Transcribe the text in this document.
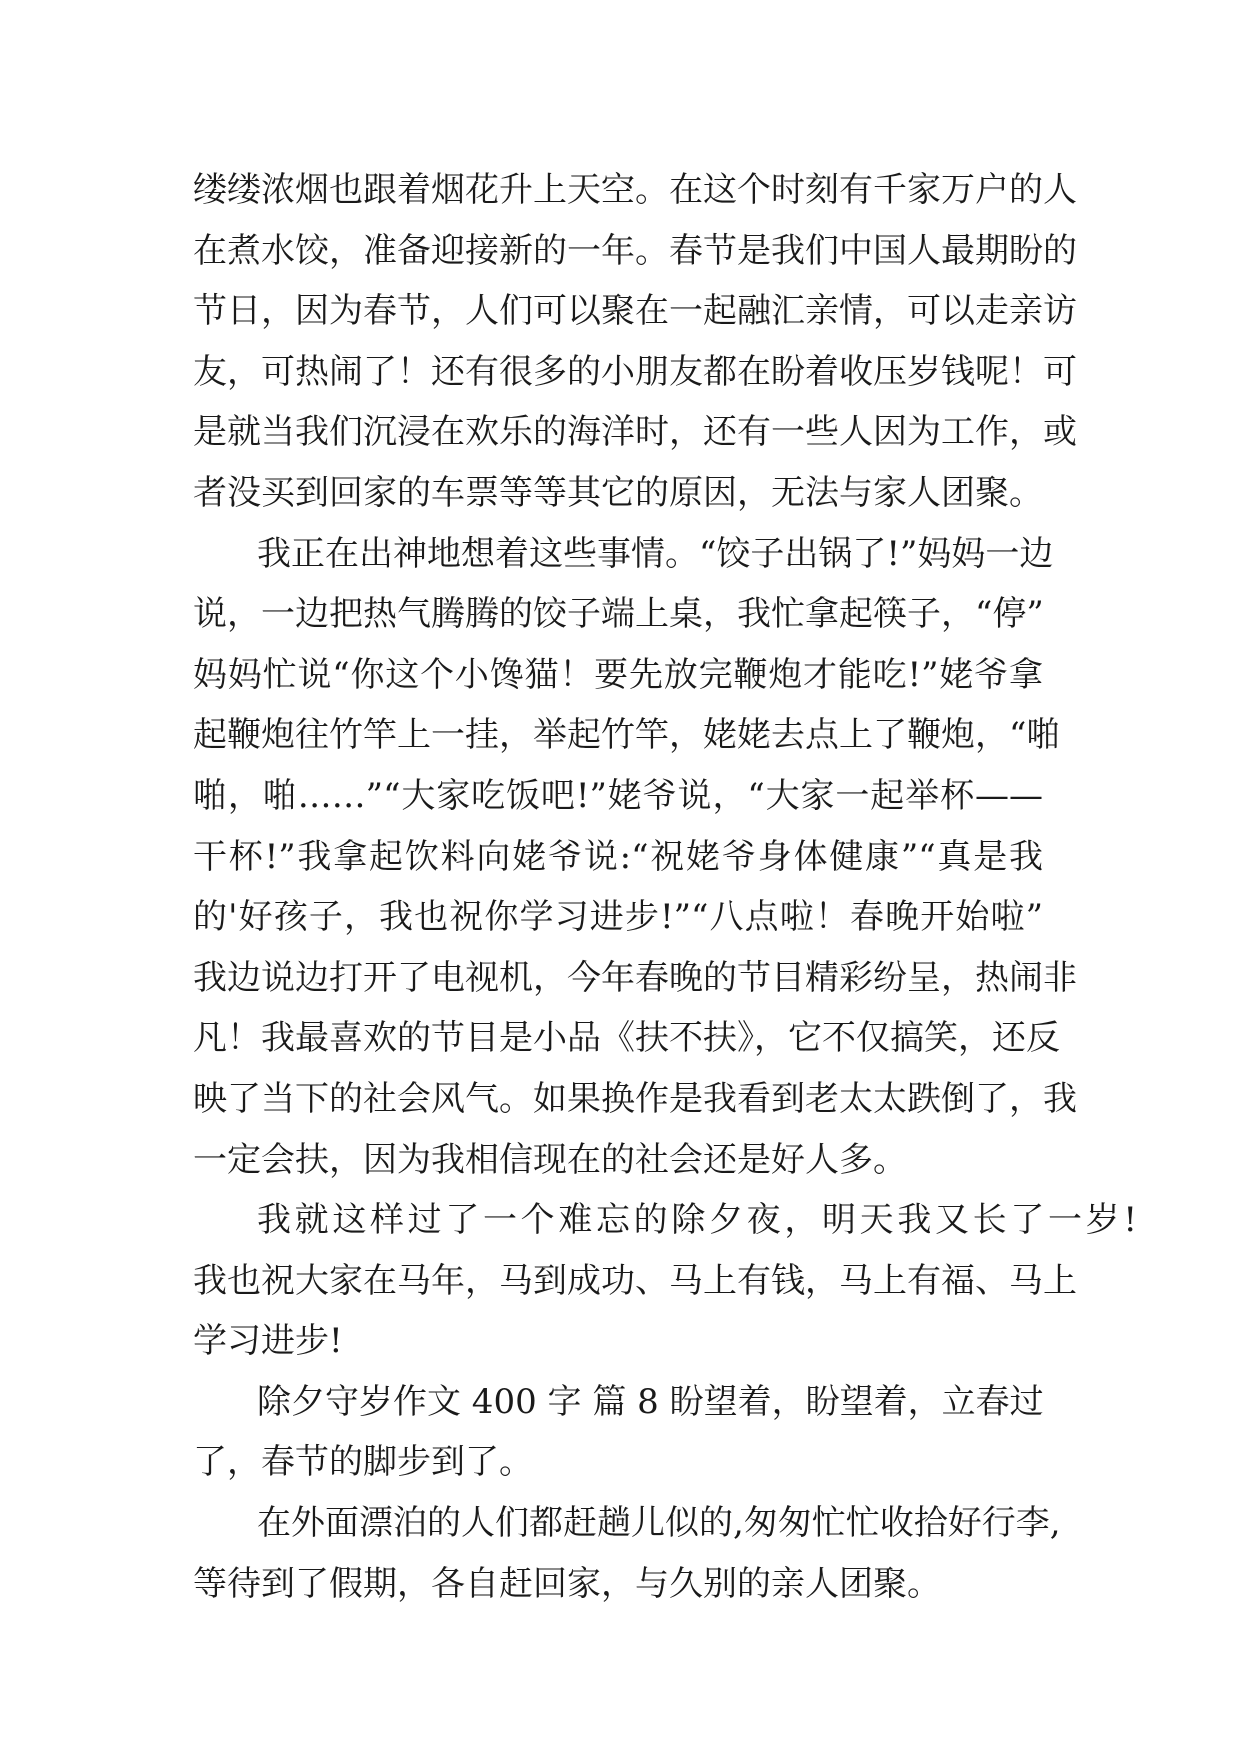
缕缕浓烟也跟着烟花升上天空。在这个时刻有千家万户的人
在煮水饺，准备迎接新的一年。春节是我们中国人最期盼的
节日，因为春节，人们可以聚在一起融汇亲情，可以走亲访
友，可热闹了！还有很多的小朋友都在盼着收压岁钱呢！可
是就当我们沉浸在欢乐的海洋时，还有一些人因为工作，或
者没买到回家的车票等等其它的原因，无法与家人团聚。
我正在出神地想着这些事情。“饺子出锅了!”妈妈一边
说，一边把热气腾腾的饺子端上桌，我忙拿起筷子，“停”
妈妈忙说“你这个小馋猫！要先放完鞭炮才能吃!”姥爷拿
起鞭炮往竹竿上一挂，举起竹竿，姥姥去点上了鞭炮，“啪
啪，啪……”“大家吃饭吧!”姥爷说，“大家一起举杯——
干杯!”我拿起饮料向姥爷说:“祝姥爷身体健康”“真是我
的'好孩子，我也祝你学习进步!”“八点啦！春晚开始啦”
我边说边打开了电视机，今年春晚的节目精彩纷呈，热闹非
凡！我最喜欢的节目是小品《扶不扶》，它不仅搞笑，还反
映了当下的社会风气。如果换作是我看到老太太跌倒了，我
一定会扶，因为我相信现在的社会还是好人多。
我就这样过了一个难忘的除夕夜，明天我又长了一岁!
我也祝大家在马年，马到成功、马上有钱，马上有福、马上
学习进步!
除夕守岁作文 400 字 篇 8 盼望着，盼望着，立春过
了，春节的脚步到了。
在外面漂泊的人们都赶趟儿似的,匆匆忙忙收拾好行李,
等待到了假期，各自赶回家，与久别的亲人团聚。
